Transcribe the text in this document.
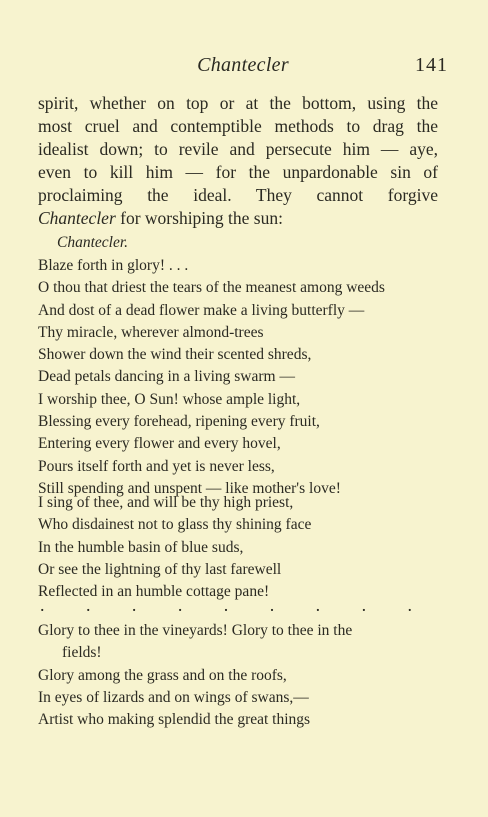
Chantecler	141
spirit, whether on top or at the bottom, using the
most cruel and contemptible methods to drag the
idealist down; to revile and persecute him — aye,
even to kill him — for the unpardonable sin of
proclaiming the ideal. They cannot forgive
Chantecler for worshiping the sun:
Chantecler.
Blaze forth in glory! . . .
O thou that driest the tears of the meanest among weeds
And dost of a dead flower make a living butterfly —
Thy miracle, wherever almond-trees
Shower down the wind their scented shreds,
Dead petals dancing in a living swarm —
I worship thee, O Sun! whose ample light,
Blessing every forehead, ripening every fruit,
Entering every flower and every hovel,
Pours itself forth and yet is never less,
Still spending and unspent — like mother's love!
I sing of thee, and will be thy high priest,
Who disdainest not to glass thy shining face
In the humble basin of blue suds,
Or see the lightning of thy last farewell
Reflected in an humble cottage pane!
. . . . . . . . .
Glory to thee in the vineyards! Glory to thee in the
fields!
Glory among the grass and on the roofs,
In eyes of lizards and on wings of swans,—
Artist who making splendid the great things
